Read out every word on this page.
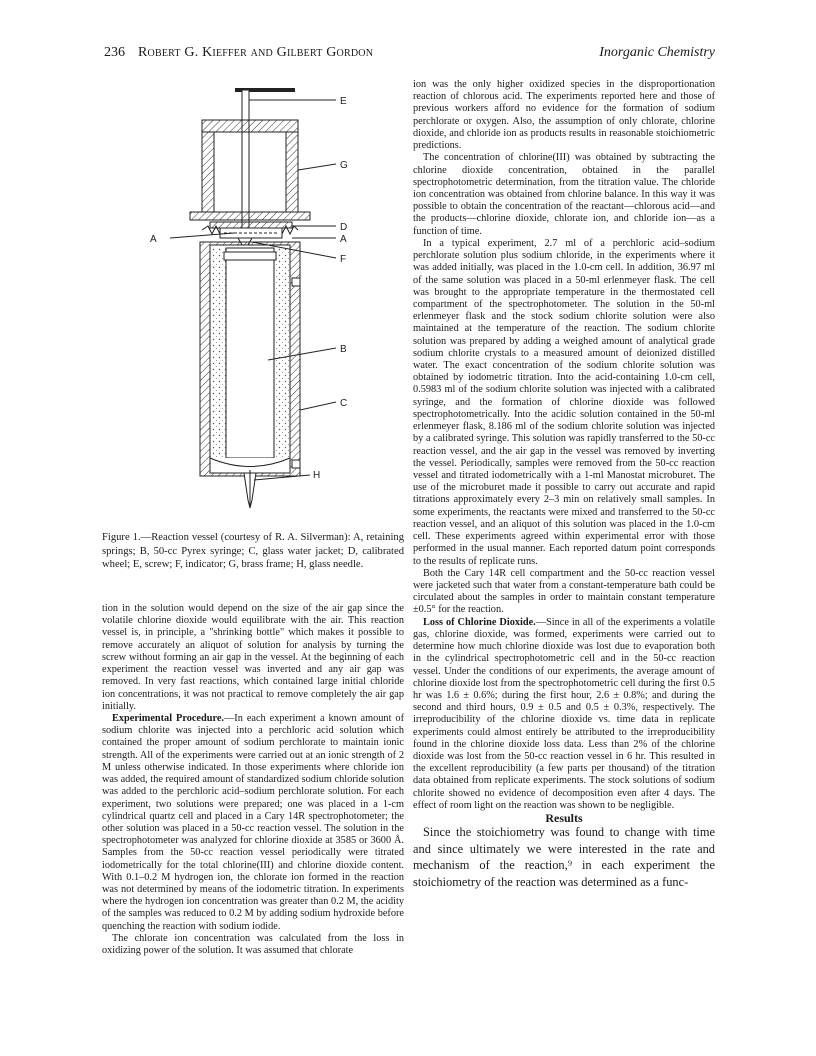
236 Robert G. Kieffer and Gilbert Gordon	Inorganic Chemistry
E
G
D
A
A
F
B
C
H
Figure 1.—Reaction vessel (courtesy of R. A. Silverman): A, retaining springs; B, 50-cc Pyrex syringe; C, glass water jacket; D, calibrated wheel; E, screw; F, indicator; G, brass frame; H, glass needle.

tion in the solution would depend on the size of the air gap since the volatile chlorine dioxide would equilibrate with the air. This reaction vessel is, in principle, a "shrinking bottle" which makes it possible to remove accurately an aliquot of solution for analysis by turning the screw without forming an air gap in the vessel. At the beginning of each experiment the reaction vessel was inverted and any air gap was removed. In very fast reactions, which contained large initial chloride ion concentrations, it was not practical to remove completely the air gap initially.

Experimental Procedure.—In each experiment a known amount of sodium chlorite was injected into a perchloric acid solution which contained the proper amount of sodium perchlorate to maintain ionic strength. All of the experiments were carried out at an ionic strength of 2 M unless otherwise indicated. In those experiments where chloride ion was added, the required amount of standardized sodium chloride solution was added to the perchloric acid–sodium perchlorate solution. For each experiment, two solutions were prepared; one was placed in a 1-cm cylindrical quartz cell and placed in a Cary 14R spectrophotometer; the other solution was placed in a 50-cc reaction vessel. The solution in the spectrophotometer was analyzed for chlorine dioxide at 3585 or 3600 Å. Samples from the 50-cc reaction vessel periodically were titrated iodometrically for the total chlorine(III) and chlorine dioxide content. With 0.1–0.2 M hydrogen ion, the chlorate ion formed in the reaction was not determined by means of the iodometric titration. In experiments where the hydrogen ion concentration was greater than 0.2 M, the acidity of the samples was reduced to 0.2 M by adding sodium hydroxide before quenching the reaction with sodium iodide.

The chlorate ion concentration was calculated from the loss in oxidizing power of the solution. It was assumed that chlorate

ion was the only higher oxidized species in the disproportionation reaction of chlorous acid. The experiments reported here and those of previous workers afford no evidence for the formation of sodium perchlorate or oxygen. Also, the assumption of only chlorate, chlorine dioxide, and chloride ion as products results in reasonable stoichiometric predictions.

The concentration of chlorine(III) was obtained by subtracting the chlorine dioxide concentration, obtained in the parallel spectrophotometric determination, from the titration value. The chloride ion concentration was obtained from chlorine balance. In this way it was possible to obtain the concentration of the reactant—chlorous acid—and the products—chlorine dioxide, chlorate ion, and chloride ion—as a function of time.

In a typical experiment, 2.7 ml of a perchloric acid–sodium perchlorate solution plus sodium chloride, in the experiments where it was added initially, was placed in the 1.0-cm cell. In addition, 36.97 ml of the same solution was placed in a 50-ml erlenmeyer flask. The cell was brought to the appropriate temperature in the thermostated cell compartment of the spectrophotometer. The solution in the 50-ml erlenmeyer flask and the stock sodium chlorite solution were also maintained at the temperature of the reaction. The sodium chlorite solution was prepared by adding a weighed amount of analytical grade sodium chlorite crystals to a measured amount of deionized distilled water. The exact concentration of the sodium chlorite solution was obtained by iodometric titration. Into the acid-containing 1.0-cm cell, 0.5983 ml of the sodium chlorite solution was injected with a calibrated syringe, and the formation of chlorine dioxide was followed spectrophotometrically. Into the acidic solution contained in the 50-ml erlenmeyer flask, 8.186 ml of the sodium chlorite solution was injected by a calibrated syringe. This solution was rapidly transferred to the 50-cc reaction vessel, and the air gap in the vessel was removed by inverting the vessel. Periodically, samples were removed from the 50-cc reaction vessel and titrated iodometrically with a 1-ml Manostat microburet. The use of the microburet made it possible to carry out accurate and rapid titrations approximately every 2–3 min on relatively small samples. In some experiments, the reactants were mixed and transferred to the 50-cc reaction vessel, and an aliquot of this solution was placed in the 1.0-cm cell. These experiments agreed within experimental error with those performed in the usual manner. Each reported datum point corresponds to the results of replicate runs.

Both the Cary 14R cell compartment and the 50-cc reaction vessel were jacketed such that water from a constant-temperature bath could be circulated about the samples in order to maintain constant temperature ±0.5° for the reaction.

Loss of Chlorine Dioxide.—Since in all of the experiments a volatile gas, chlorine dioxide, was formed, experiments were carried out to determine how much chlorine dioxide was lost due to evaporation both in the cylindrical spectrophotometric cell and in the 50-cc reaction vessel. Under the conditions of our experiments, the average amount of chlorine dioxide lost from the spectrophotometric cell during the first 0.5 hr was 1.6 ± 0.6%; during the first hour, 2.6 ± 0.8%; and during the second and third hours, 0.9 ± 0.5 and 0.5 ± 0.3%, respectively. The irreproducibility of the chlorine dioxide vs. time data in replicate experiments could almost entirely be attributed to the irreproducibility found in the chlorine dioxide loss data. Less than 2% of the chlorine dioxide was lost from the 50-cc reaction vessel in 6 hr. This resulted in the excellent reproducibility (a few parts per thousand) of the titration data obtained from replicate experiments. The stock solutions of sodium chlorite showed no evidence of decomposition even after 4 days. The effect of room light on the reaction was shown to be negligible.

Results

Since the stoichiometry was found to change with time and since ultimately we were interested in the rate and mechanism of the reaction,⁹ in each experiment the stoichiometry of the reaction was determined as a func-
